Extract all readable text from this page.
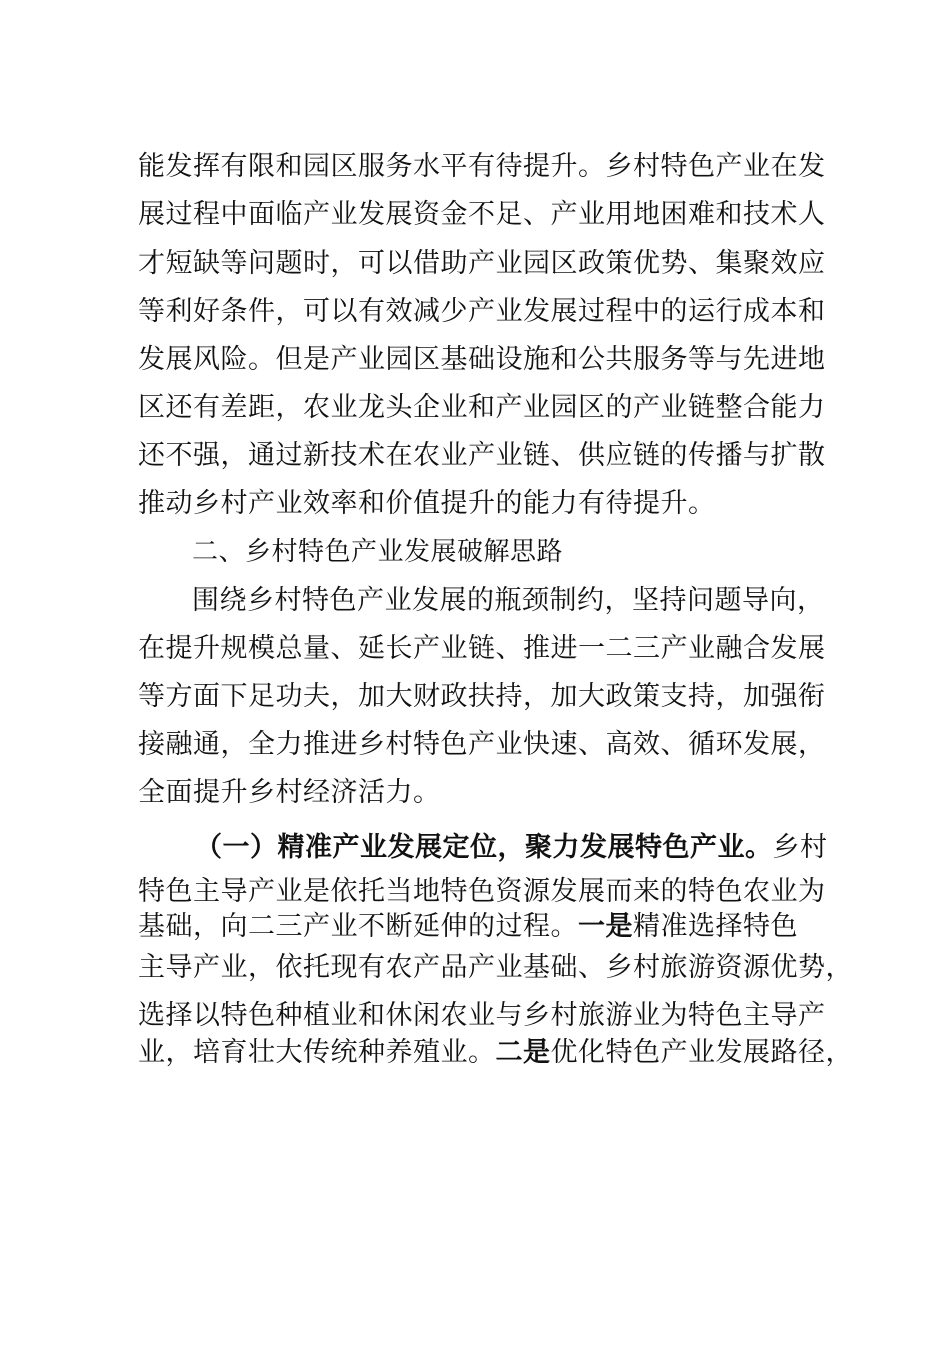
能发挥有限和园区服务水平有待提升。乡村特色产业在发
展过程中面临产业发展资金不足、产业用地困难和技术人
才短缺等问题时，可以借助产业园区政策优势、集聚效应
等利好条件，可以有效减少产业发展过程中的运行成本和
发展风险。但是产业园区基础设施和公共服务等与先进地
区还有差距，农业龙头企业和产业园区的产业链整合能力
还不强，通过新技术在农业产业链、供应链的传播与扩散
推动乡村产业效率和价值提升的能力有待提升。
二、乡村特色产业发展破解思路
围绕乡村特色产业发展的瓶颈制约，坚持问题导向，
在提升规模总量、延长产业链、推进一二三产业融合发展
等方面下足功夫，加大财政扶持，加大政策支持，加强衔
接融通，全力推进乡村特色产业快速、高效、循环发展，
全面提升乡村经济活力。
（一）精准产业发展定位，聚力发展特色产业。乡村
特色主导产业是依托当地特色资源发展而来的特色农业为
基础，向二三产业不断延伸的过程。一是精准选择特色
主导产业，依托现有农产品产业基础、乡村旅游资源优势，
选择以特色种植业和休闲农业与乡村旅游业为特色主导产
业，培育壮大传统种养殖业。二是优化特色产业发展路径，
